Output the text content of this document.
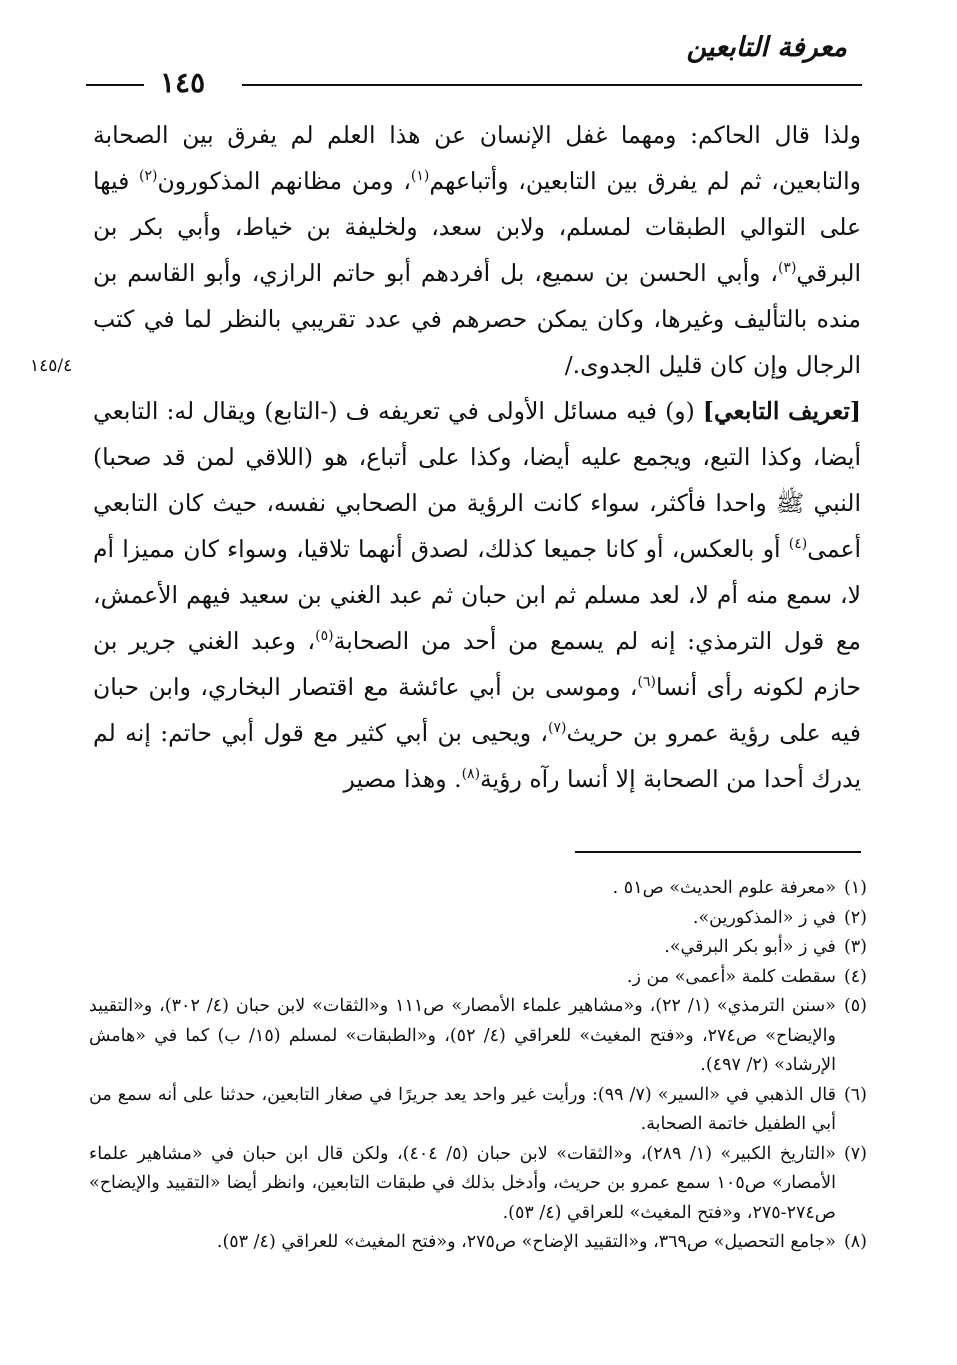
معرفة التابعين
١٤٥
١٤٥/٤

ولذا قال الحاكم: ومهما غفل الإنسان عن هذا العلم لم يفرق بين الصحابة والتابعين، ثم لم يفرق بين التابعين، وأتباعهم$^{(١)}$، ومن مظانهم المذكورون$^{(٢)}$ فيها على التوالي الطبقات لمسلم، ولابن سعد، ولخليفة بن خياط، وأبي بكر بن البرقي$^{(٣)}$، وأبي الحسن بن سميع، بل أفردهم أبو حاتم الرازي، وأبو القاسم بن منده بالتأليف وغيرها، وكان يمكن حصرهم في عدد تقريبي بالنظر لما في كتب الرجال وإن كان قليل الجدوى./

[تعريف التابعي] (و) فيه مسائل الأولى في تعريفه ف (-التابع) ويقال له: التابعي أيضا، وكذا التبع، ويجمع عليه أيضا، وكذا على أتباع، هو (اللاقي لمن قد صحبا) النبي ﷺ واحدا فأكثر، سواء كانت الرؤية من الصحابي نفسه، حيث كان التابعي أعمى$^{(٤)}$ أو بالعكس، أو كانا جميعا كذلك، لصدق أنهما تلاقيا، وسواء كان مميزا أم لا، سمع منه أم لا، لعد مسلم ثم ابن حبان ثم عبد الغني بن سعيد فيهم الأعمش، مع قول الترمذي: إنه لم يسمع من أحد من الصحابة$^{(٥)}$، وعبد الغني جرير بن حازم لكونه رأى أنسا$^{(٦)}$، وموسى بن أبي عائشة مع اقتصار البخاري، وابن حبان فيه على رؤية عمرو بن حريث$^{(٧)}$، ويحيى بن أبي كثير مع قول أبي حاتم: إنه لم يدرك أحدا من الصحابة إلا أنسا رآه رؤية$^{(٨)}$. وهذا مصير

(١)
«معرفة علوم الحديث» ص٥١ .
(٢)
في ز «المذكورين».
(٣)
في ز «أبو بكر البرقي».
(٤)
سقطت كلمة «أعمى» من ز.
(٥)
«سنن الترمذي» (١/ ٢٢)، و«مشاهير علماء الأمصار» ص١١١ و«الثقات» لابن حبان (٤/ ٣٠٢)، و«التقييد والإيضاح» ص٢٧٤، و«فتح المغيث» للعراقي (٤/ ٥٢)، و«الطبقات» لمسلم (١٥/ ب) كما في «هامش الإرشاد» (٢/ ٤٩٧).
(٦)
قال الذهبي في «السير» (٧/ ٩٩): ورأيت غير واحد يعد جريرًا في صغار التابعين، حدثنا على أنه سمع من أبي الطفيل خاتمة الصحابة.
(٧)
«التاريخ الكبير» (١/ ٢٨٩)، و«الثقات» لابن حبان (٥/ ٤٠٤)، ولكن قال ابن حبان في «مشاهير علماء الأمصار» ص١٠٥ سمع عمرو بن حريث، وأدخل بذلك في طبقات التابعين، وانظر أيضا «التقييد والإيضاح» ص٢٧٤-٢٧٥، و«فتح المغيث» للعراقي (٤/ ٥٣).
(٨)
«جامع التحصيل» ص٣٦٩، و«التقييد الإضاح» ص٢٧٥، و«فتح المغيث» للعراقي (٤/ ٥٣).
